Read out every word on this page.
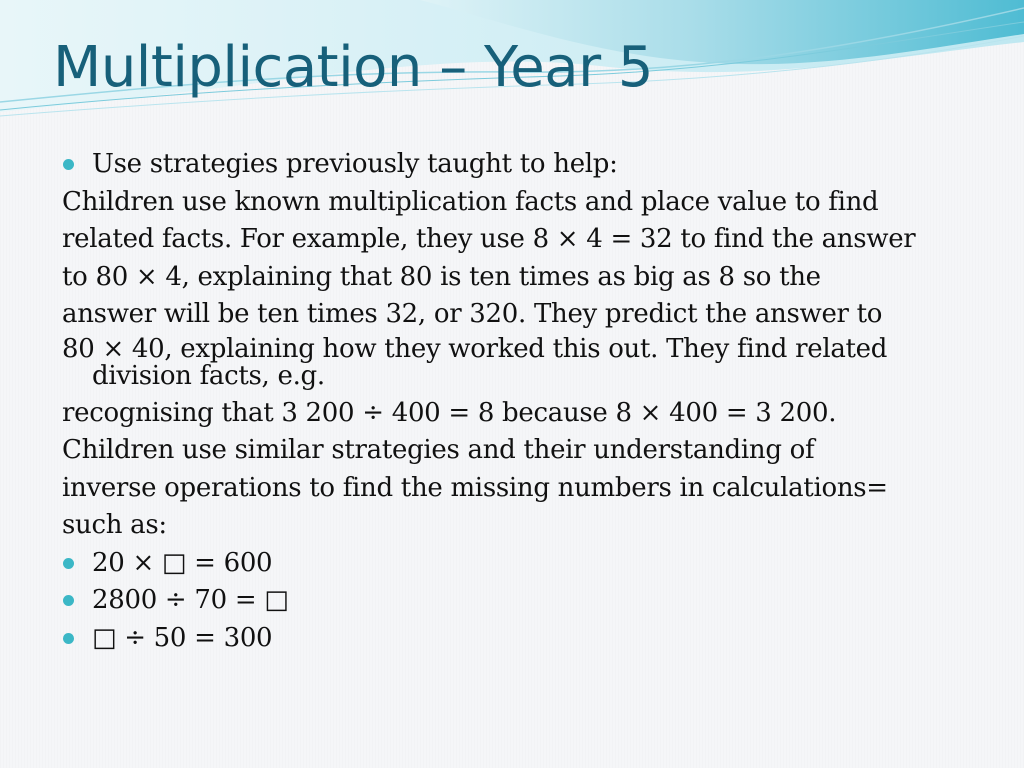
Multiplication – Year 5
Use strategies previously taught to help:
Children use known multiplication facts and place value to find
related facts. For example, they use 8 × 4 = 32 to find the answer
to 80 × 4, explaining that 80 is ten times as big as 8 so the
answer will be ten times 32, or 320. They predict the answer to
80 × 40, explaining how they worked this out. They find related
division facts, e.g.
recognising that 3 200 ÷ 400 = 8 because 8 × 400 = 3 200.
Children use similar strategies and their understanding of
inverse operations to find the missing numbers in calculations=
such as:
20 × □ = 600
2800 ÷ 70 = □
□ ÷ 50 = 300
